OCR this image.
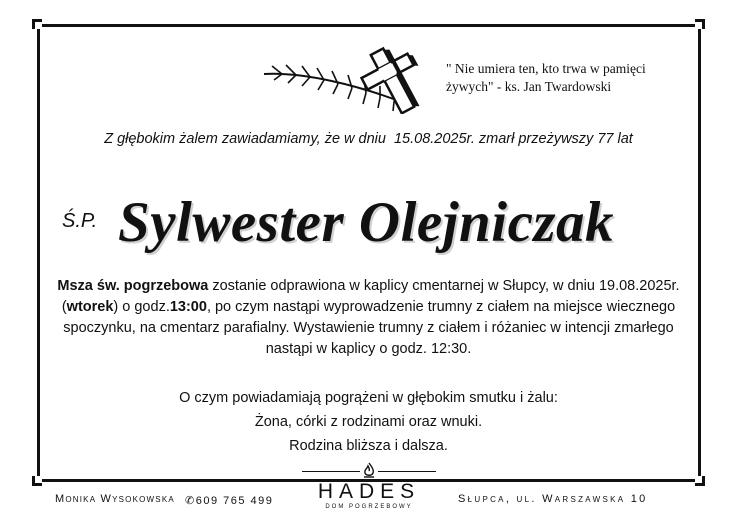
" Nie umiera ten, kto trwa w pamięci
żywych" - ks. Jan Twardowski
Z głębokim żalem zawiadamiamy, że w dniu 15.08.2025r. zmarł przeżywszy 77 lat
Ś.P. Sylwester Olejniczak
Msza św. pogrzebowa zostanie odprawiona w kaplicy cmentarnej w Słupcy, w dniu 19.08.2025r. (wtorek) o godz.13:00, po czym nastąpi wyprowadzenie trumny z ciałem na miejsce wiecznego spoczynku, na cmentarz parafialny. Wystawienie trumny z ciałem i różaniec w intencji zmarłego nastąpi w kaplicy o godz. 12:30.
O czym powiadamiają pogrążeni w głębokim smutku i żalu:
Żona, córki z rodzinami oraz wnuki.
Rodzina bliższa i dalsza.
Monika Wysokowska ✆609 765 499	HADES
DOM POGRZEBOWY
Słupca, ul. Warszawska 10
